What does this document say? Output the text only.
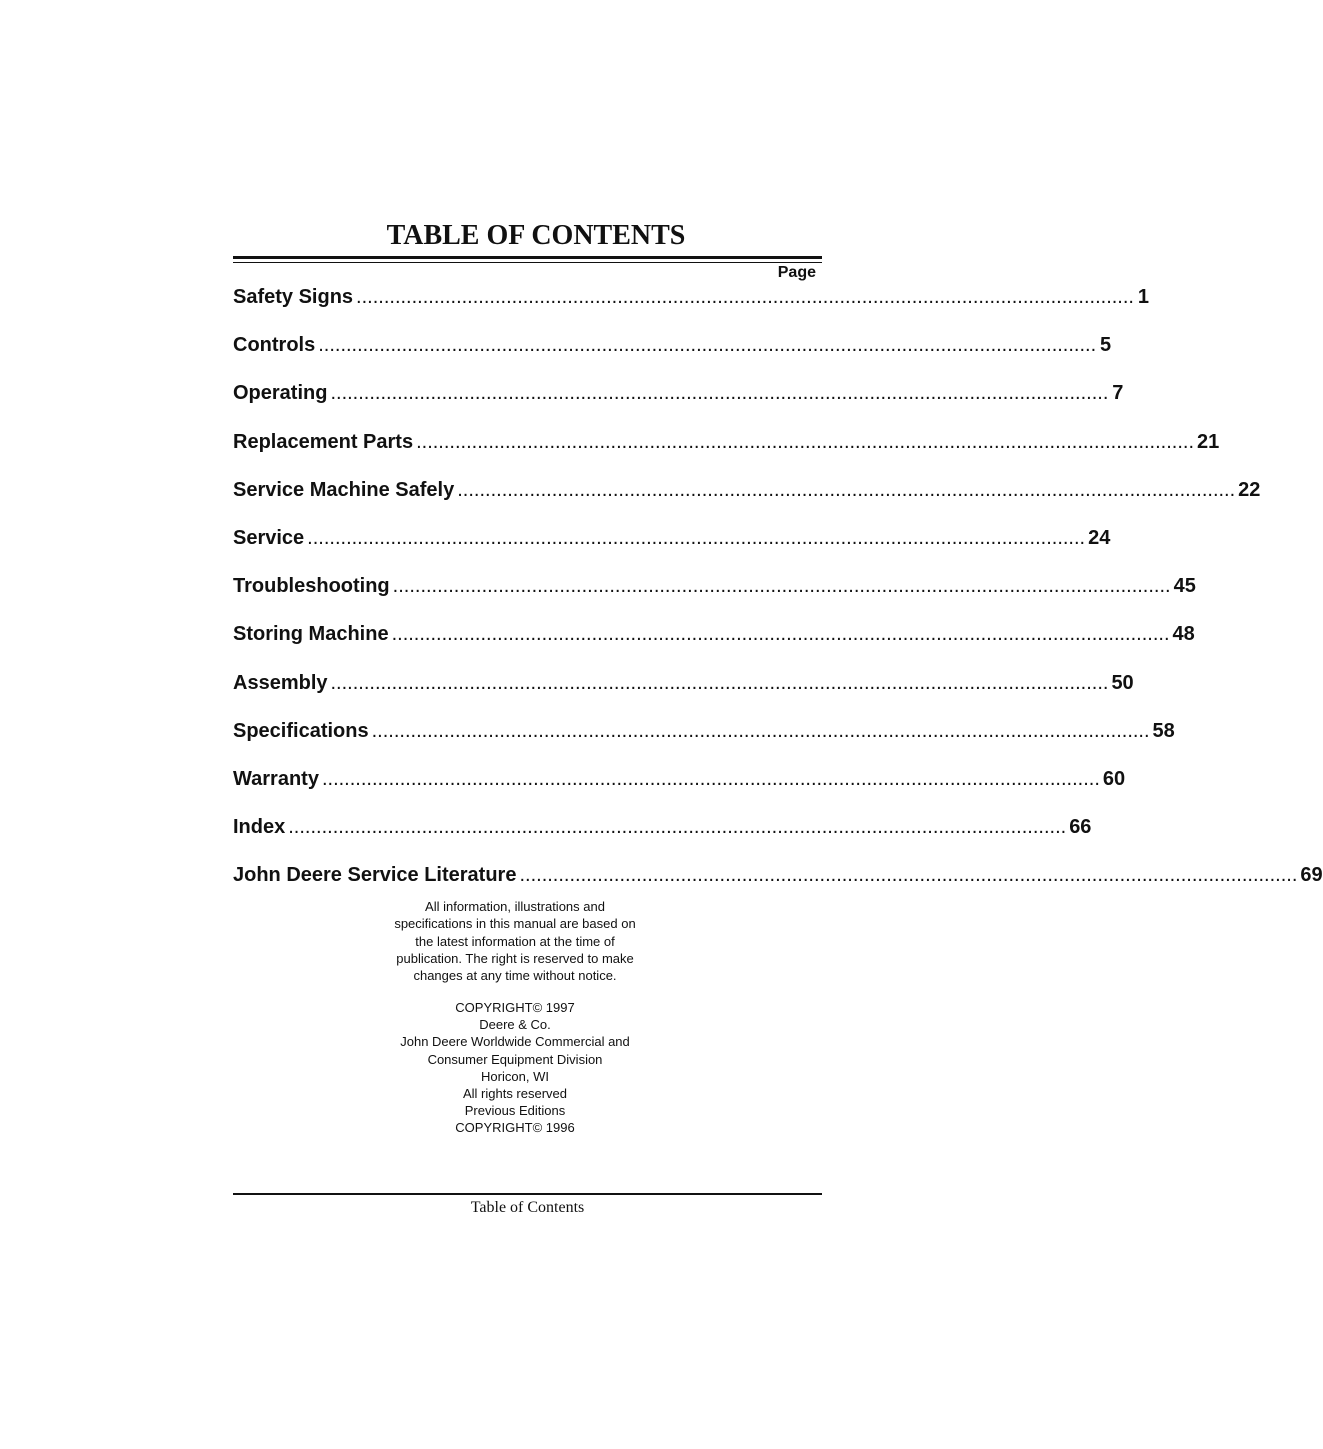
TABLE OF CONTENTS
Page
Safety Signs ............................................................................................................................................ 1
Controls ............................................................................................................................................ 5
Operating ............................................................................................................................................ 7
Replacement Parts ............................................................................................................................................ 21
Service Machine Safely ............................................................................................................................................ 22
Service ............................................................................................................................................ 24
Troubleshooting ............................................................................................................................................ 45
Storing Machine ............................................................................................................................................ 48
Assembly ............................................................................................................................................ 50
Specifications ............................................................................................................................................ 58
Warranty ............................................................................................................................................ 60
Index ............................................................................................................................................ 66
John Deere Service Literature ............................................................................................................................................ 69
All information, illustrations and
specifications in this manual are based on
the latest information at the time of
publication. The right is reserved to make
changes at any time without notice.
COPYRIGHT© 1997
Deere & Co.
John Deere Worldwide Commercial and
Consumer Equipment Division
Horicon, WI
All rights reserved
Previous Editions
COPYRIGHT© 1996
Table of Contents
